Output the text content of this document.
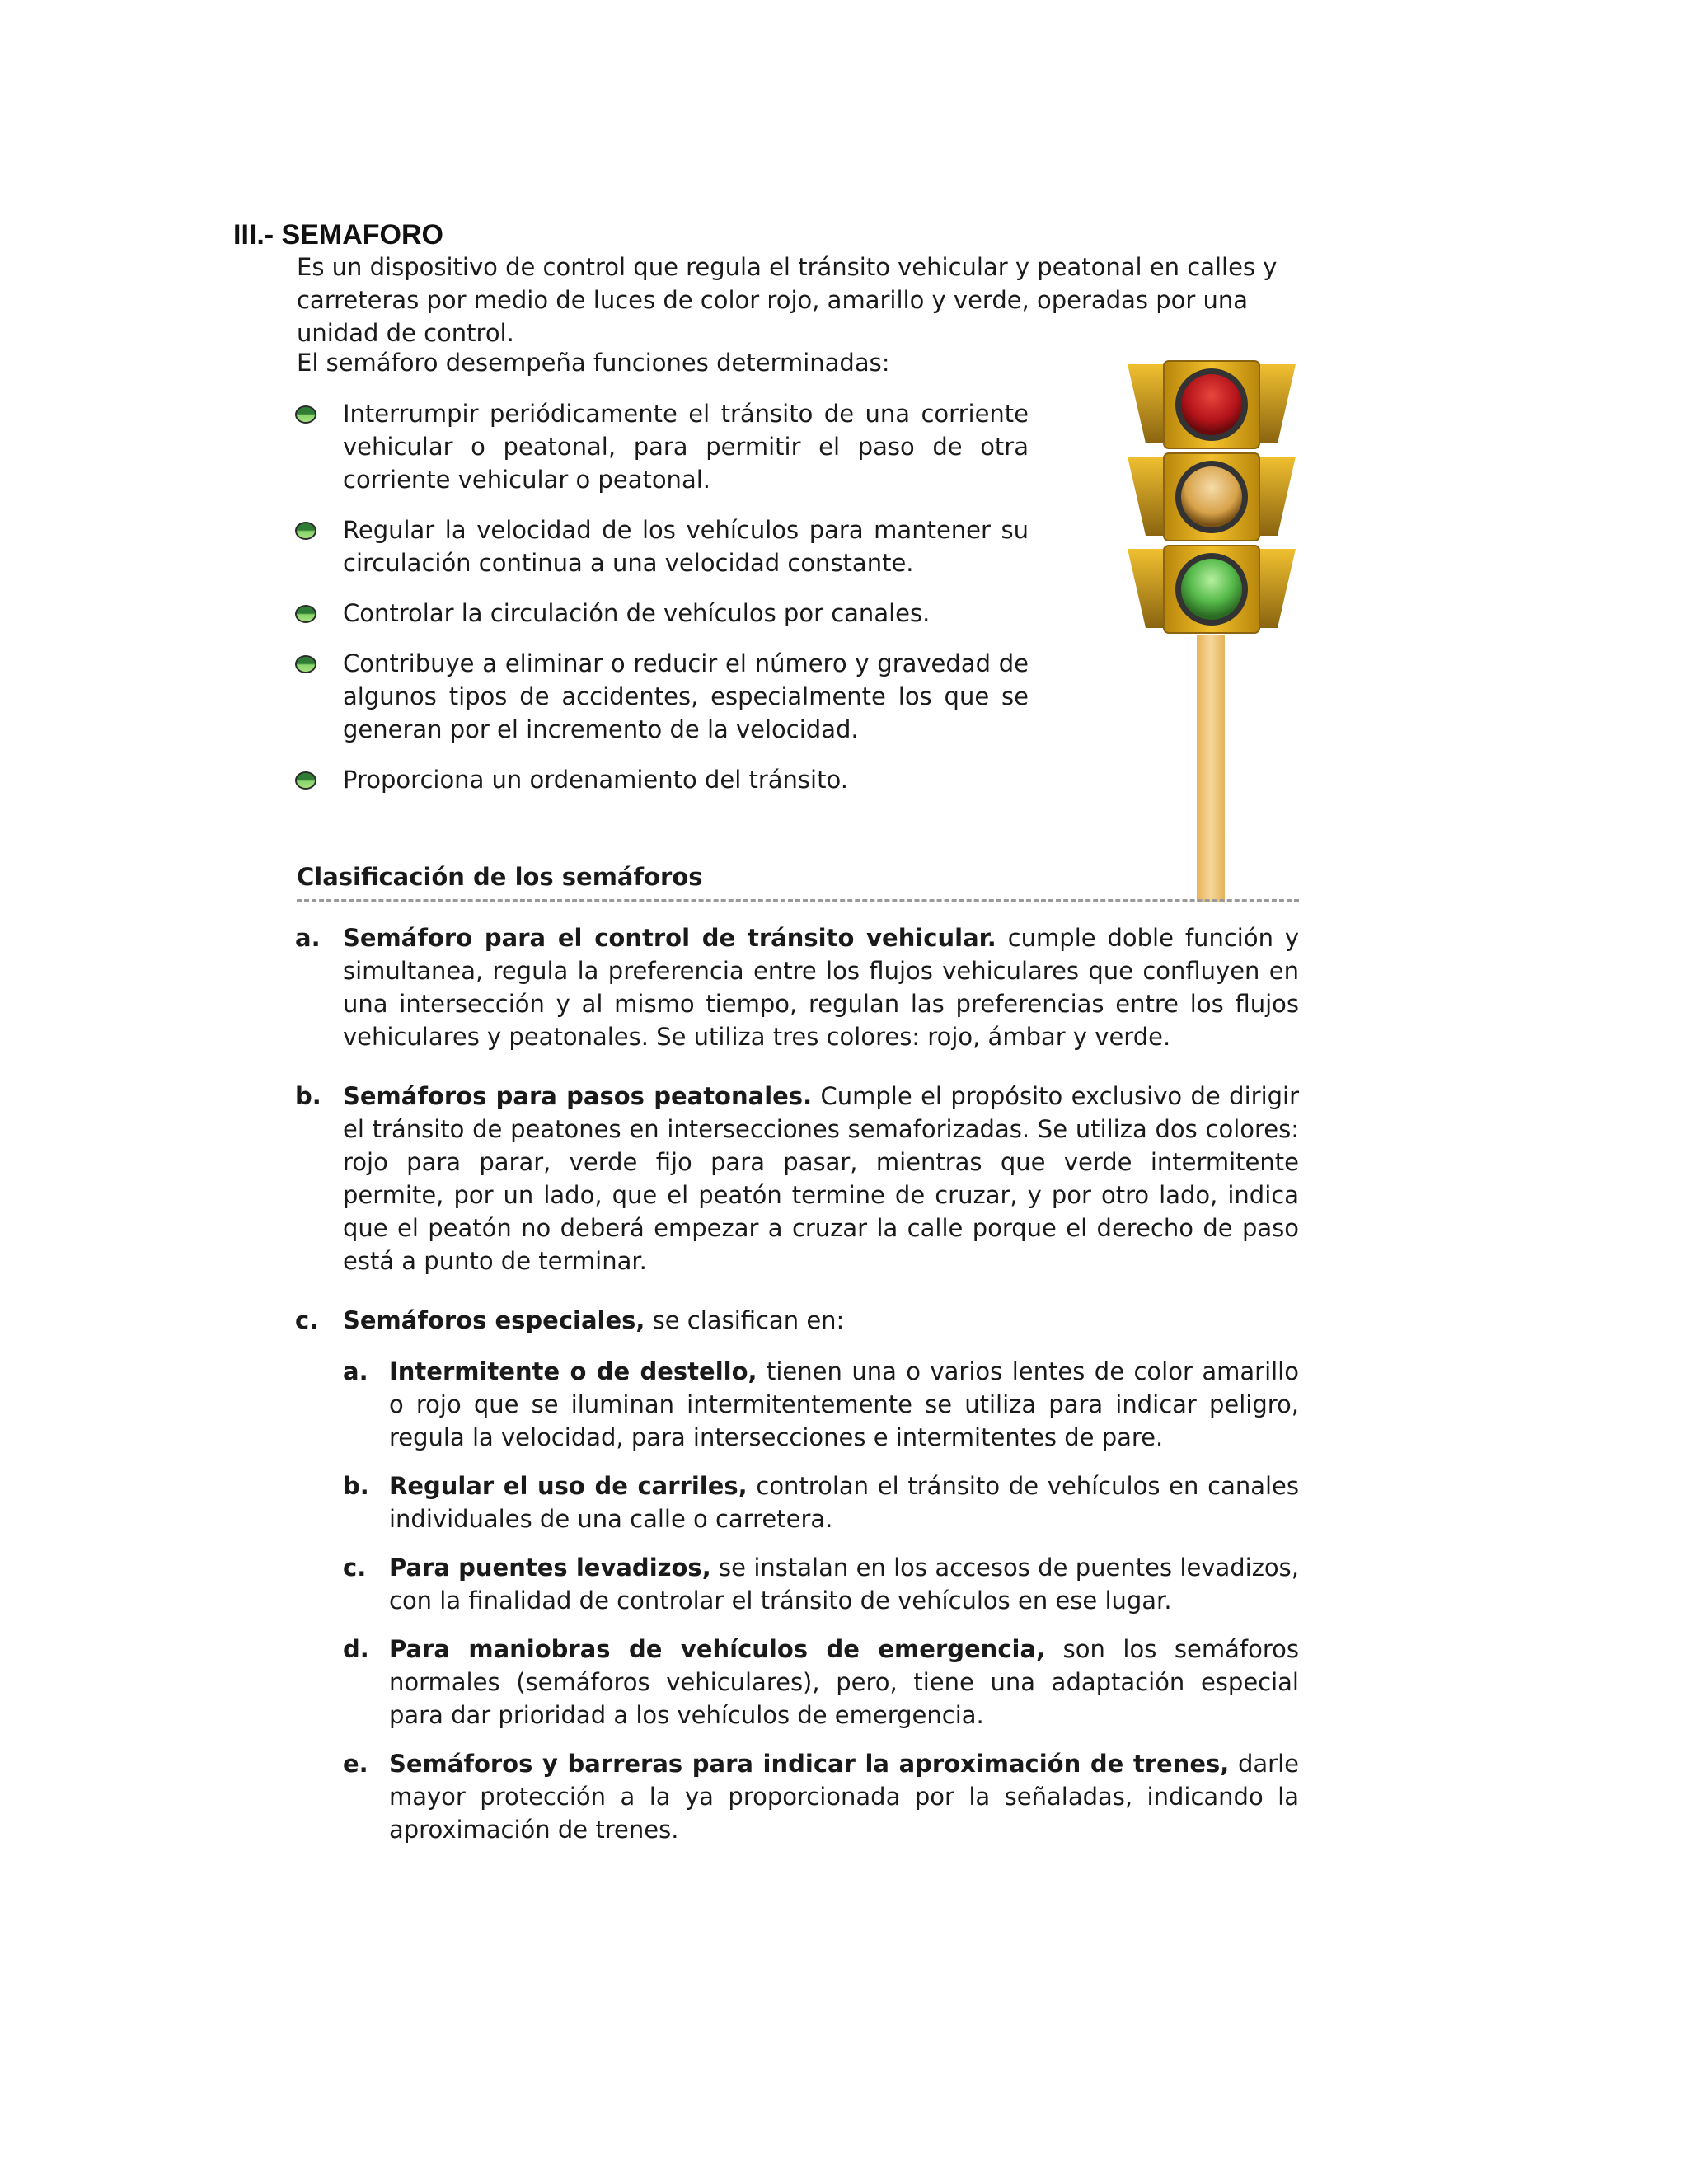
III.- SEMAFORO
Es un dispositivo de control que regula el tránsito vehicular y peatonal en calles y carreteras por medio de luces de color rojo, amarillo y verde, operadas por una unidad de control.
El semáforo desempeña funciones determinadas:
Interrumpir periódicamente el tránsito de una corriente vehicular o peatonal, para permitir el paso de otra corriente vehicular o peatonal.
Regular la velocidad de los vehículos para mantener su circulación continua a una velocidad constante.
Controlar la circulación de vehículos por canales.
Contribuye a eliminar o reducir el número y gravedad de algunos tipos de accidentes, especialmente los que se generan por el incremento de la velocidad.
Proporciona un ordenamiento del tránsito.
Clasificación de los semáforos
a. Semáforo para el control de tránsito vehicular. cumple doble función y simultanea, regula la preferencia entre los flujos vehiculares que confluyen en una intersección y al mismo tiempo, regulan las preferencias entre los flujos vehiculares y peatonales. Se utiliza tres colores: rojo, ámbar y verde.
b. Semáforos para pasos peatonales. Cumple el propósito exclusivo de dirigir el tránsito de peatones en intersecciones semaforizadas. Se utiliza dos colores: rojo para parar, verde fijo para pasar, mientras que verde intermitente permite, por un lado, que el peatón termine de cruzar, y por otro lado, indica que el peatón no deberá empezar a cruzar la calle porque el derecho de paso está a punto de terminar.
c. Semáforos especiales, se clasifican en:
a. Intermitente o de destello, tienen una o varios lentes de color amarillo o rojo que se iluminan intermitentemente se utiliza para indicar peligro, regula la velocidad, para intersecciones e intermitentes de pare.
b. Regular el uso de carriles, controlan el tránsito de vehículos en canales individuales de una calle o carretera.
c. Para puentes levadizos, se instalan en los accesos de puentes levadizos, con la finalidad de controlar el tránsito de vehículos en ese lugar.
d. Para maniobras de vehículos de emergencia, son los semáforos normales (semáforos vehiculares), pero, tiene una adaptación especial para dar prioridad a los vehículos de emergencia.
e. Semáforos y barreras para indicar la aproximación de trenes, darle mayor protección a la ya proporcionada por la señaladas, indicando la aproximación de trenes.
